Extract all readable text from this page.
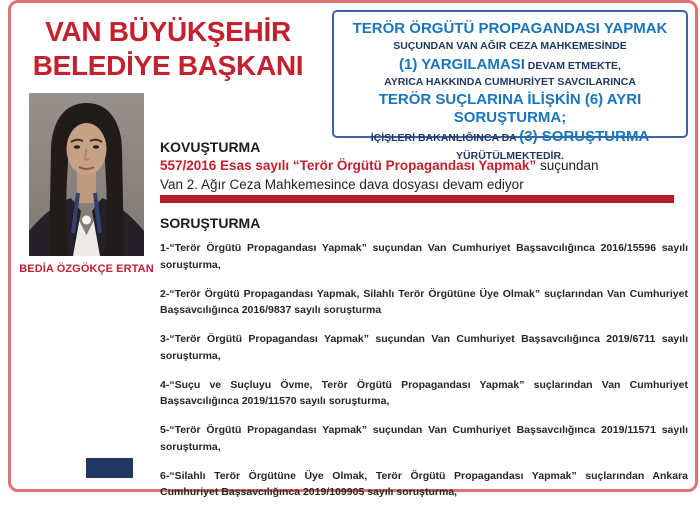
VAN BÜYÜKŞEHİR
BELEDİYE BAŞKANI
TERÖR ÖRGÜTÜ PROPAGANDASI YAPMAK
SUÇUNDAN VAN AĞIR CEZA MAHKEMESİNDE
(1) YARGILAMASI DEVAM ETMEKTE,
AYRICA HAKKINDA CUMHURİYET SAVCILARINCA
TERÖR SUÇLARINA İLİŞKİN (6) AYRI SORUŞTURMA;
İÇİŞLERİ BAKANLIĞINCA DA (3) SORUŞTURMA YÜRÜTÜLMEKTEDİR.
BEDİA ÖZGÖKÇE ERTAN
KOVUŞTURMA
557/2016 Esas sayılı “Terör Örgütü Propagandası Yapmak” suçundan
Van 2. Ağır Ceza Mahkemesince dava dosyası devam ediyor
SORUŞTURMA
1-“Terör Örgütü Propagandası Yapmak” suçundan Van Cumhuriyet Başsavcılığınca 2016/15596 sayılı soruşturma,
2-“Terör Örgütü Propagandası Yapmak, Silahlı Terör Örgütüne Üye Olmak” suçlarından Van Cumhuriyet Başsavcılığınca 2016/9837 sayılı soruşturma
3-“Terör Örgütü Propagandası Yapmak” suçundan Van Cumhuriyet Başsavcılığınca 2019/6711 sayılı soruşturma,
4-“Suçu ve Suçluyu Övme, Terör Örgütü Propagandası Yapmak” suçlarından Van Cumhuriyet Başsavcılığınca 2019/11570 sayılı soruşturma,
5-“Terör Örgütü Propagandası Yapmak” suçundan Van Cumhuriyet Başsavcılığınca 2019/11571 sayılı soruşturma,
6-“Silahlı Terör Örgütüne Üye Olmak, Terör Örgütü Propagandası Yapmak” suçlarından Ankara Cumhuriyet Başsavcılığınca 2019/109905 sayılı soruşturma,
